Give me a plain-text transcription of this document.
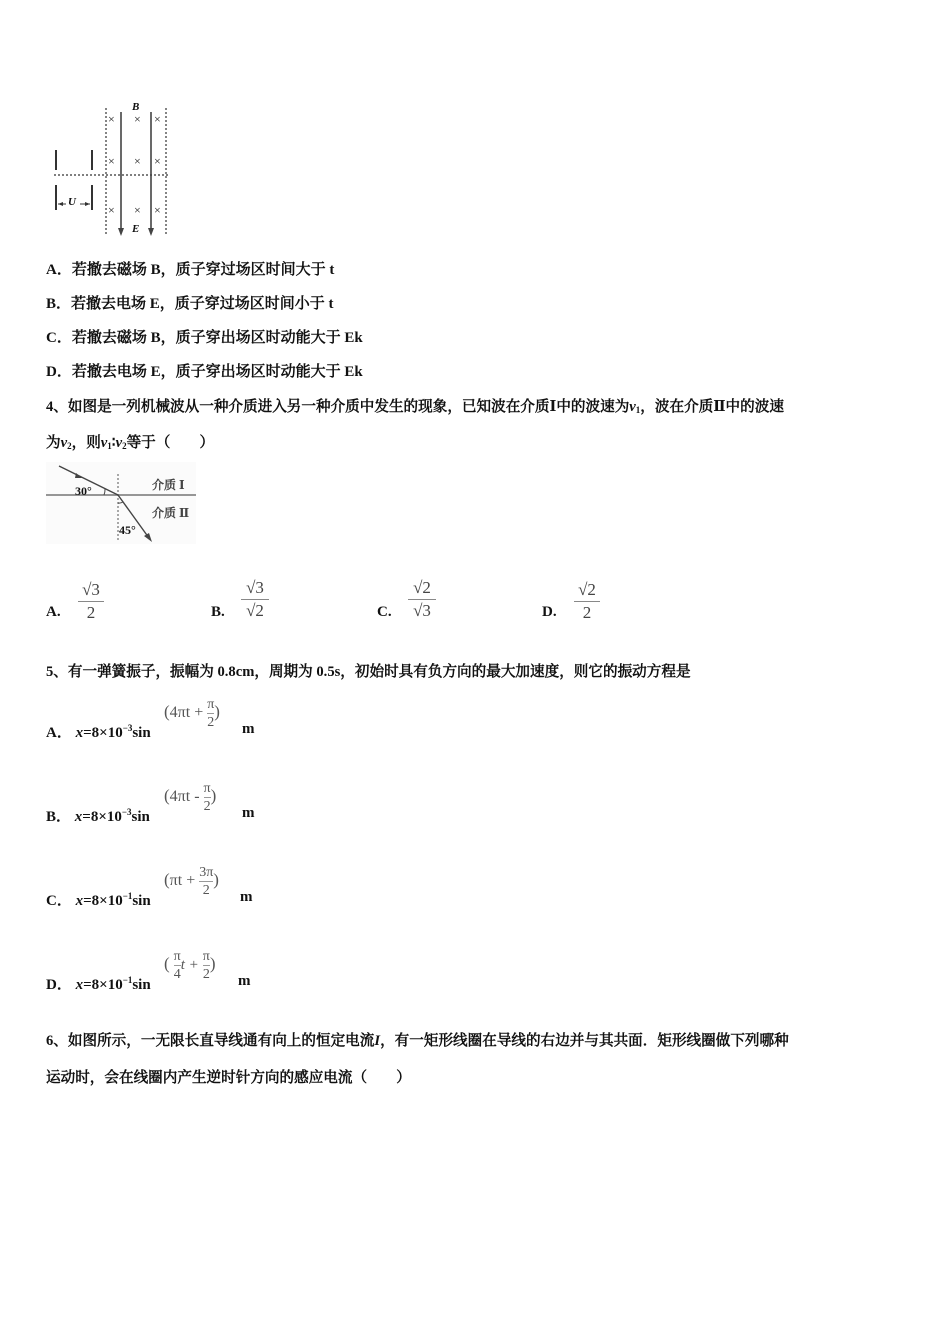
B
E
U
× × ×
× × ×
× × ×
A．若撤去磁场 B，质子穿过场区时间大于 t
B．若撤去电场 E，质子穿过场区时间小于 t
C．若撤去磁场 B，质子穿出场区时动能大于 Ek
D．若撤去电场 E，质子穿出场区时动能大于 Ek
4、如图是一列机械波从一种介质进入另一种介质中发生的现象，已知波在介质Ⅰ中的波速为$v_1$，波在介质Ⅱ中的波速
为$v_2$，则$v_1∶v_2$等于（　　）
30°
45°
介质 Ⅰ
介质 Ⅱ
A.
√3
2	B.
√3
√2	C.
√2
√3	D.
√2
2
5、有一弹簧振子，振幅为 0.8cm，周期为 0.5s，初始时具有负方向的最大加速度，则它的振动方程是
A． $x=8\times 10^{-3}\sin$
($4\pi t + \frac{\pi}{2}$ )
m
B． $x=8\times 10^{-3}\sin$
($4\pi t - \frac{\pi}{2}$ )
m
C． $x=8\times 10^{-1}\sin$
($\pi t + \frac{3\pi}{2}$ )
m
D． $x=8\times 10^{-1}\sin$
( $\frac{\pi}{4}$ $t + \frac{\pi}{2}$ )
m
6、如图所示，一无限长直导线通有向上的恒定电流I，有一矩形线圈在导线的右边并与其共面．矩形线圈做下列哪种
运动时，会在线圈内产生逆时针方向的感应电流（　　）
